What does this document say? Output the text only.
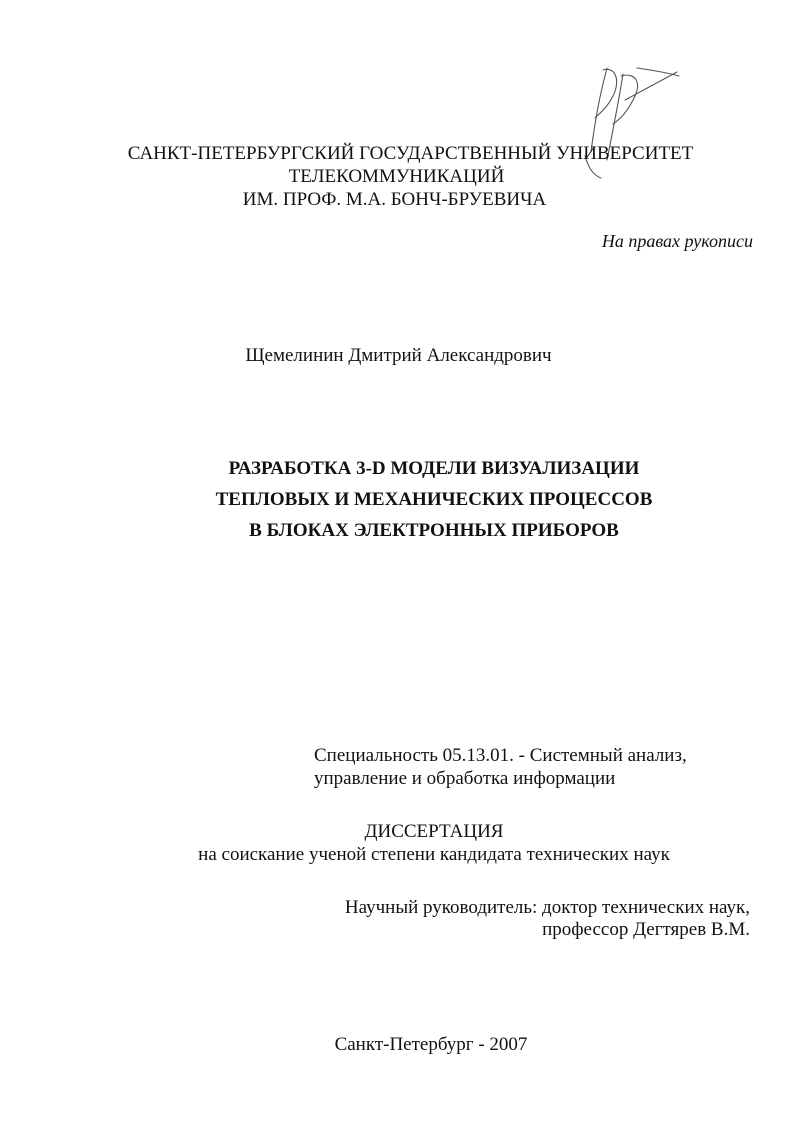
САНКТ-ПЕТЕРБУРГСКИЙ ГОСУДАРСТВЕННЫЙ УНИВЕРСИТЕТ
ТЕЛЕКОММУНИКАЦИЙ
ИМ. ПРОФ. М.А. БОНЧ-БРУЕВИЧА
На правах рукописи
Щемелинин Дмитрий Александрович
РАЗРАБОТКА 3-D МОДЕЛИ ВИЗУАЛИЗАЦИИ
ТЕПЛОВЫХ И МЕХАНИЧЕСКИХ ПРОЦЕССОВ
В БЛОКАХ ЭЛЕКТРОННЫХ ПРИБОРОВ
Специальность 05.13.01. - Системный анализ,
управление и обработка информации
ДИССЕРТАЦИЯ
на соискание ученой степени кандидата технических наук
Научный руководитель: доктор технических наук,
профессор Дегтярев В.М.
Санкт-Петербург - 2007
